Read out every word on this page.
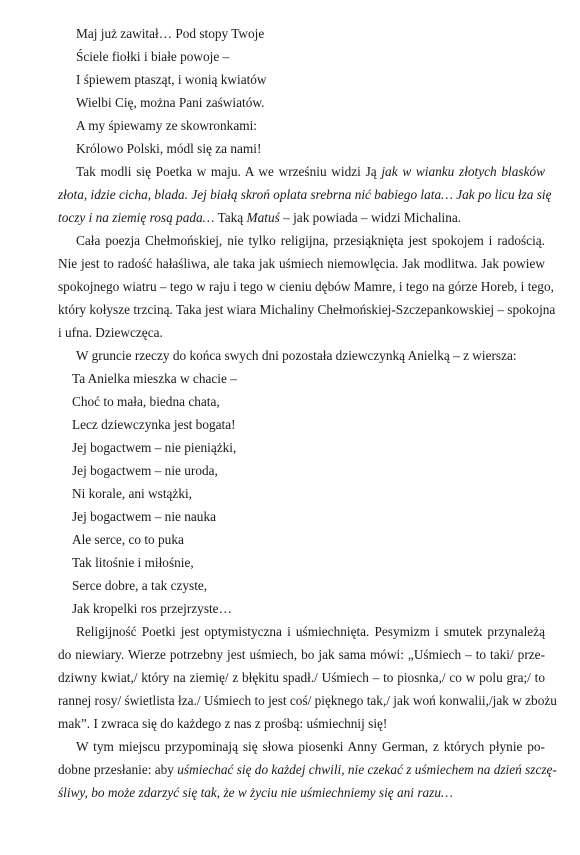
Maj już zawitał… Pod stopy Twoje
Ściele fiołki i białe powoje –
I śpiewem ptasząt, i wonią kwiatów
Wielbi Cię, można Pani zaświatów.
A my śpiewamy ze skowronkami:
Królowo Polski, módl się za nami!
Tak modli się Poetka w maju. A we wrześniu widzi Ją jak w wianku złotych blasków
złota, idzie cicha, blada. Jej białą skroń oplata srebrna nić babiego lata… Jak po licu łza się
toczy i na ziemię rosą pada… Taką Matuś – jak powiada – widzi Michalina.
Cała poezja Chełmońskiej, nie tylko religijna, przesiąknięta jest spokojem i radością.
Nie jest to radość hałaśliwa, ale taka jak uśmiech niemowlęcia. Jak modlitwa. Jak powiew
spokojnego wiatru – tego w raju i tego w cieniu dębów Mamre, i tego na górze Horeb, i tego,
który kołysze trzciną. Taka jest wiara Michaliny Chełmońskiej-Szczepankowskiej – spokojna
i ufna. Dziewczęca.
W gruncie rzeczy do końca swych dni pozostała dziewczynką Anielką – z wiersza:
Ta Anielka mieszka w chacie –
Choć to mała, biedna chata,
Lecz dziewczynka jest bogata!
Jej bogactwem – nie pieniążki,
Jej bogactwem – nie uroda,
Ni korale, ani wstążki,
Jej bogactwem – nie nauka
Ale serce, co to puka
Tak litośnie i miłośnie,
Serce dobre, a tak czyste,
Jak kropelki ros przejrzyste…
Religijność Poetki jest optymistyczna i uśmiechnięta. Pesymizm i smutek przynależą
do niewiary. Wierze potrzebny jest uśmiech, bo jak sama mówi: „Uśmiech – to taki/ prze-
dziwny kwiat,/ który na ziemię/ z błękitu spadł./ Uśmiech – to piosnka,/ co w polu gra;/ to
rannej rosy/ świetlista łza./ Uśmiech to jest coś/ pięknego tak,/ jak woń konwalii,/jak w zbożu
mak”. I zwraca się do każdego z nas z prośbą: uśmiechnij się!
W tym miejscu przypominają się słowa piosenki Anny German, z których płynie po-
dobne przesłanie: aby uśmiechać się do każdej chwili, nie czekać z uśmiechem na dzień szczę-
śliwy, bo może zdarzyć się tak, że w życiu nie uśmiechniemy się ani razu…
